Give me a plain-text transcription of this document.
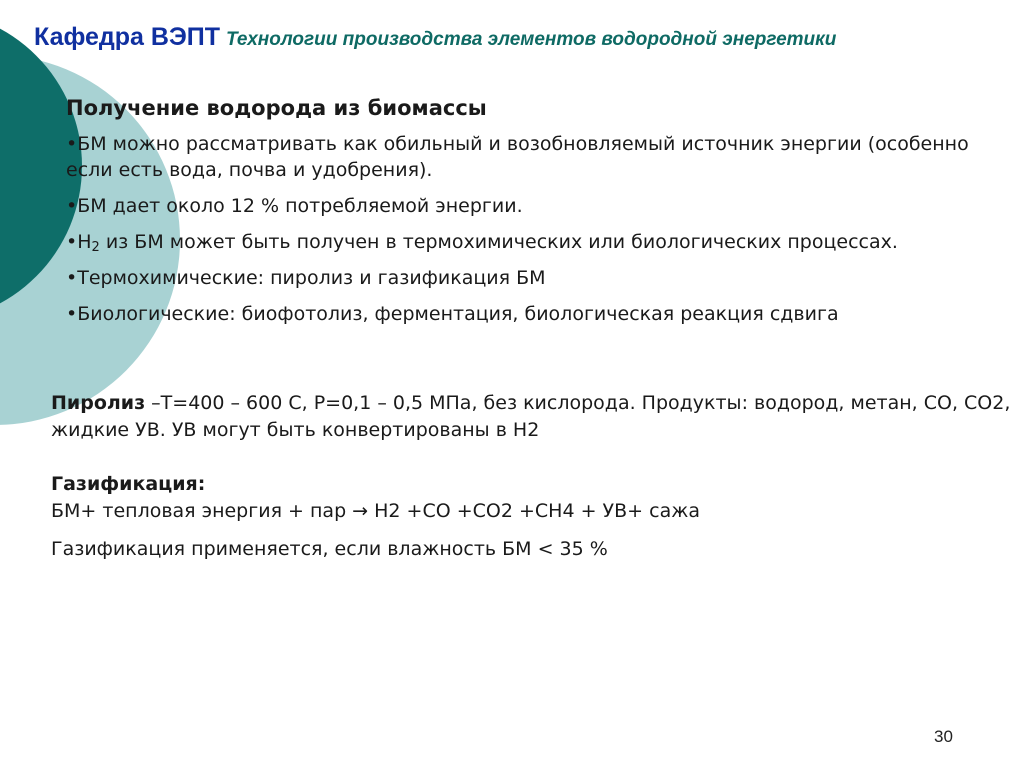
Кафедра ВЭПТ Технологии производства элементов водородной энергетики
Получение водорода из биомассы
•БМ можно рассматривать как обильный и возобновляемый источник энергии (особенно если есть вода, почва и удобрения).
•БМ дает около 12 % потребляемой энергии.
$•H_2$ из БМ может быть получен в термохимических или биологических процессах.
•Термохимические: пиролиз и газификация БМ
•Биологические: биофотолиз, ферментация, биологическая реакция сдвига

Пиролиз –Т=400 – 600 С, Р=0,1 – 0,5 МПа, без кислорода. Продукты: водород, метан, СО, СО2, жидкие УВ. УВ могут быть конвертированы в Н2

Газификация:

БМ+ тепловая энергия + пар → Н2 +СО +СО2 +СН4 + УВ+ сажа

Газификация применяется, если влажность БМ < 35 %

30
